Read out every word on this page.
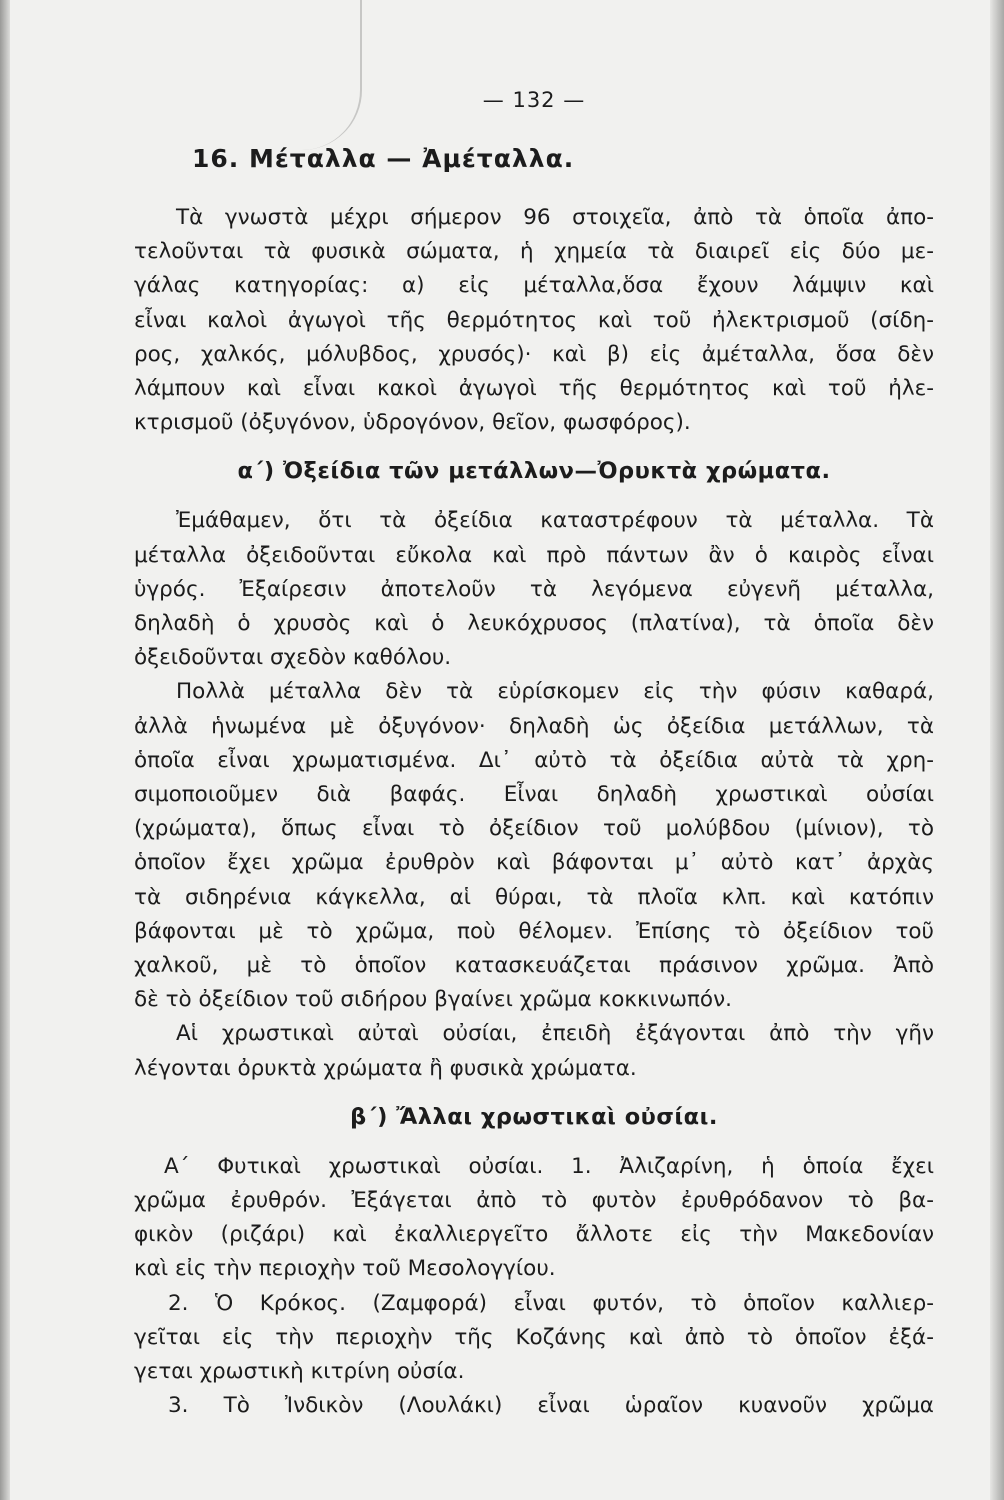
— 132 —
16. Μέταλλα — Ἀμέταλλα.
Τὰ γνωστὰ μέχρι σήμερον 96 στοιχεῖα, ἀπὸ τὰ ὁποῖα ἀπο-
τελοῦνται τὰ φυσικὰ σώματα, ἡ χημεία τὰ διαιρεῖ εἰς δύο με-
γάλας κατηγορίας: α) εἰς μέταλλα,ὅσα ἔχουν λάμψιν καὶ
εἶναι καλοὶ ἀγωγοὶ τῆς θερμότητος καὶ τοῦ ἠλεκτρισμοῦ (σίδη-
ρος, χαλκός, μόλυβδος, χρυσός)· καὶ β) εἰς ἀμέταλλα, ὅσα δὲν
λάμπουν καὶ εἶναι κακοὶ ἀγωγοὶ τῆς θερμότητος καὶ τοῦ ἠλε-
κτρισμοῦ (ὀξυγόνον, ὑδρογόνον, θεῖον, φωσφόρος).
α΄) Ὀξείδια τῶν μετάλλων—Ὀρυκτὰ χρώματα.
Ἐμάθαμεν, ὅτι τὰ ὀξείδια καταστρέφουν τὰ μέταλλα. Τὰ
μέταλλα ὀξειδοῦνται εὔκολα καὶ πρὸ πάντων ἂν ὁ καιρὸς εἶναι
ὑγρός. Ἐξαίρεσιν ἀποτελοῦν τὰ λεγόμενα εὐγενῆ μέταλλα,
δηλαδὴ ὁ χρυσὸς καὶ ὁ λευκόχρυσος (πλατίνα), τὰ ὁποῖα δὲν
ὀξειδοῦνται σχεδὸν καθόλου.
Πολλὰ μέταλλα δὲν τὰ εὑρίσκομεν εἰς τὴν φύσιν καθαρά,
ἀλλὰ ἡνωμένα μὲ ὀξυγόνον· δηλαδὴ ὡς ὀξείδια μετάλλων, τὰ
ὁποῖα εἶναι χρωματισμένα. Δι᾽ αὐτὸ τὰ ὀξείδια αὐτὰ τὰ χρη-
σιμοποιοῦμεν διὰ βαφάς. Εἶναι δηλαδὴ χρωστικαὶ οὐσίαι
(χρώματα), ὅπως εἶναι τὸ ὀξείδιον τοῦ μολύβδου (μίνιον), τὸ
ὁποῖον ἔχει χρῶμα ἐρυθρὸν καὶ βάφονται μ᾽ αὐτὸ κατ᾽ ἀρχὰς
τὰ σιδηρένια κάγκελλα, αἱ θύραι, τὰ πλοῖα κλπ. καὶ κατόπιν
βάφονται μὲ τὸ χρῶμα, ποὺ θέλομεν. Ἐπίσης τὸ ὀξείδιον τοῦ
χαλκοῦ, μὲ τὸ ὁποῖον κατασκευάζεται πράσινον χρῶμα. Ἀπὸ
δὲ τὸ ὀξείδιον τοῦ σιδήρου βγαίνει χρῶμα κοκκινωπόν.
Αἱ χρωστικαὶ αὐταὶ οὐσίαι, ἐπειδὴ ἐξάγονται ἀπὸ τὴν γῆν
λέγονται ὀρυκτὰ χρώματα ἢ φυσικὰ χρώματα.
β΄) Ἄλλαι χρωστικαὶ οὐσίαι.
Α΄ Φυτικαὶ χρωστικαὶ οὐσίαι. 1. Ἀλιζαρίνη, ἡ ὁποία ἔχει
χρῶμα ἐρυθρόν. Ἐξάγεται ἀπὸ τὸ φυτὸν ἐρυθρόδανον τὸ βα-
φικὸν (ριζάρι) καὶ ἐκαλλιεργεῖτο ἄλλοτε εἰς τὴν Μακεδονίαν
καὶ εἰς τὴν περιοχὴν τοῦ Μεσολογγίου.
2. Ὁ Κρόκος. (Ζαμφορά) εἶναι φυτόν, τὸ ὁποῖον καλλιερ-
γεῖται εἰς τὴν περιοχὴν τῆς Κοζάνης καὶ ἀπὸ τὸ ὁποῖον ἐξά-
γεται χρωστικὴ κιτρίνη οὐσία.
3. Τὸ Ἰνδικὸν (Λουλάκι) εἶναι ὡραῖον κυανοῦν χρῶμα
